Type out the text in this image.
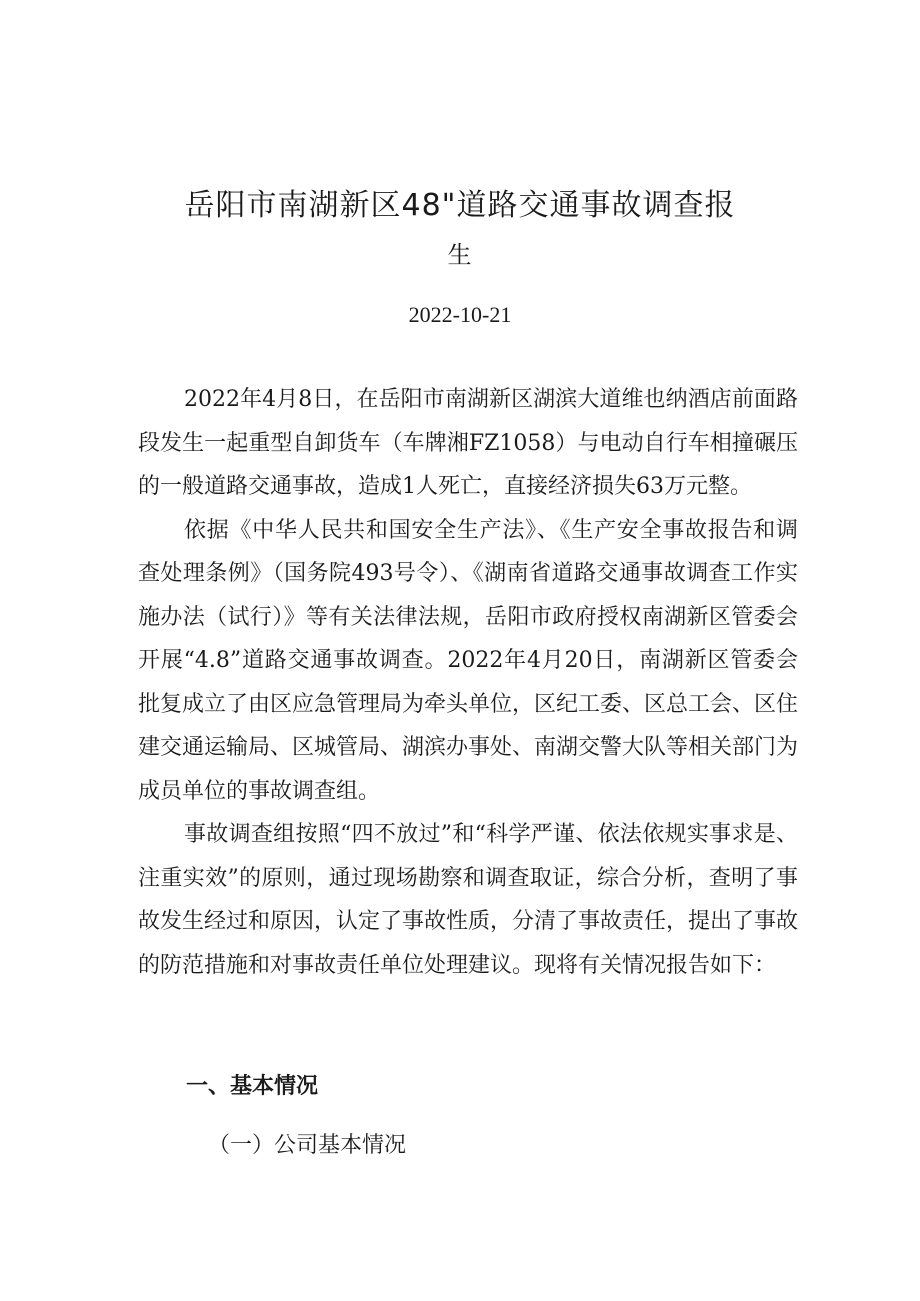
岳阳市南湖新区48"道路交通事故调查报
生
2022-10-21

2022年4月8日，在岳阳市南湖新区湖滨大道维也纳酒店前面路段发生一起重型自卸货车（车牌湘FZ1058）与电动自行车相撞碾压的一般道路交通事故，造成1人死亡，直接经济损失63万元整。

依据《中华人民共和国安全生产法》、《生产安全事故报告和调查处理条例》（国务院493号令）、《湖南省道路交通事故调查工作实施办法（试行）》等有关法律法规，岳阳市政府授权南湖新区管委会开展“4.8”道路交通事故调查。2022年4月20日，南湖新区管委会批复成立了由区应急管理局为牵头单位，区纪工委、区总工会、区住建交通运输局、区城管局、湖滨办事处、南湖交警大队等相关部门为成员单位的事故调查组。

事故调查组按照“四不放过”和“科学严谨、依法依规实事求是、注重实效”的原则，通过现场勘察和调查取证，综合分析，查明了事故发生经过和原因，认定了事故性质，分清了事故责任，提出了事故的防范措施和对事故责任单位处理建议。现将有关情况报告如下：

一、基本情况
（一）公司基本情况
